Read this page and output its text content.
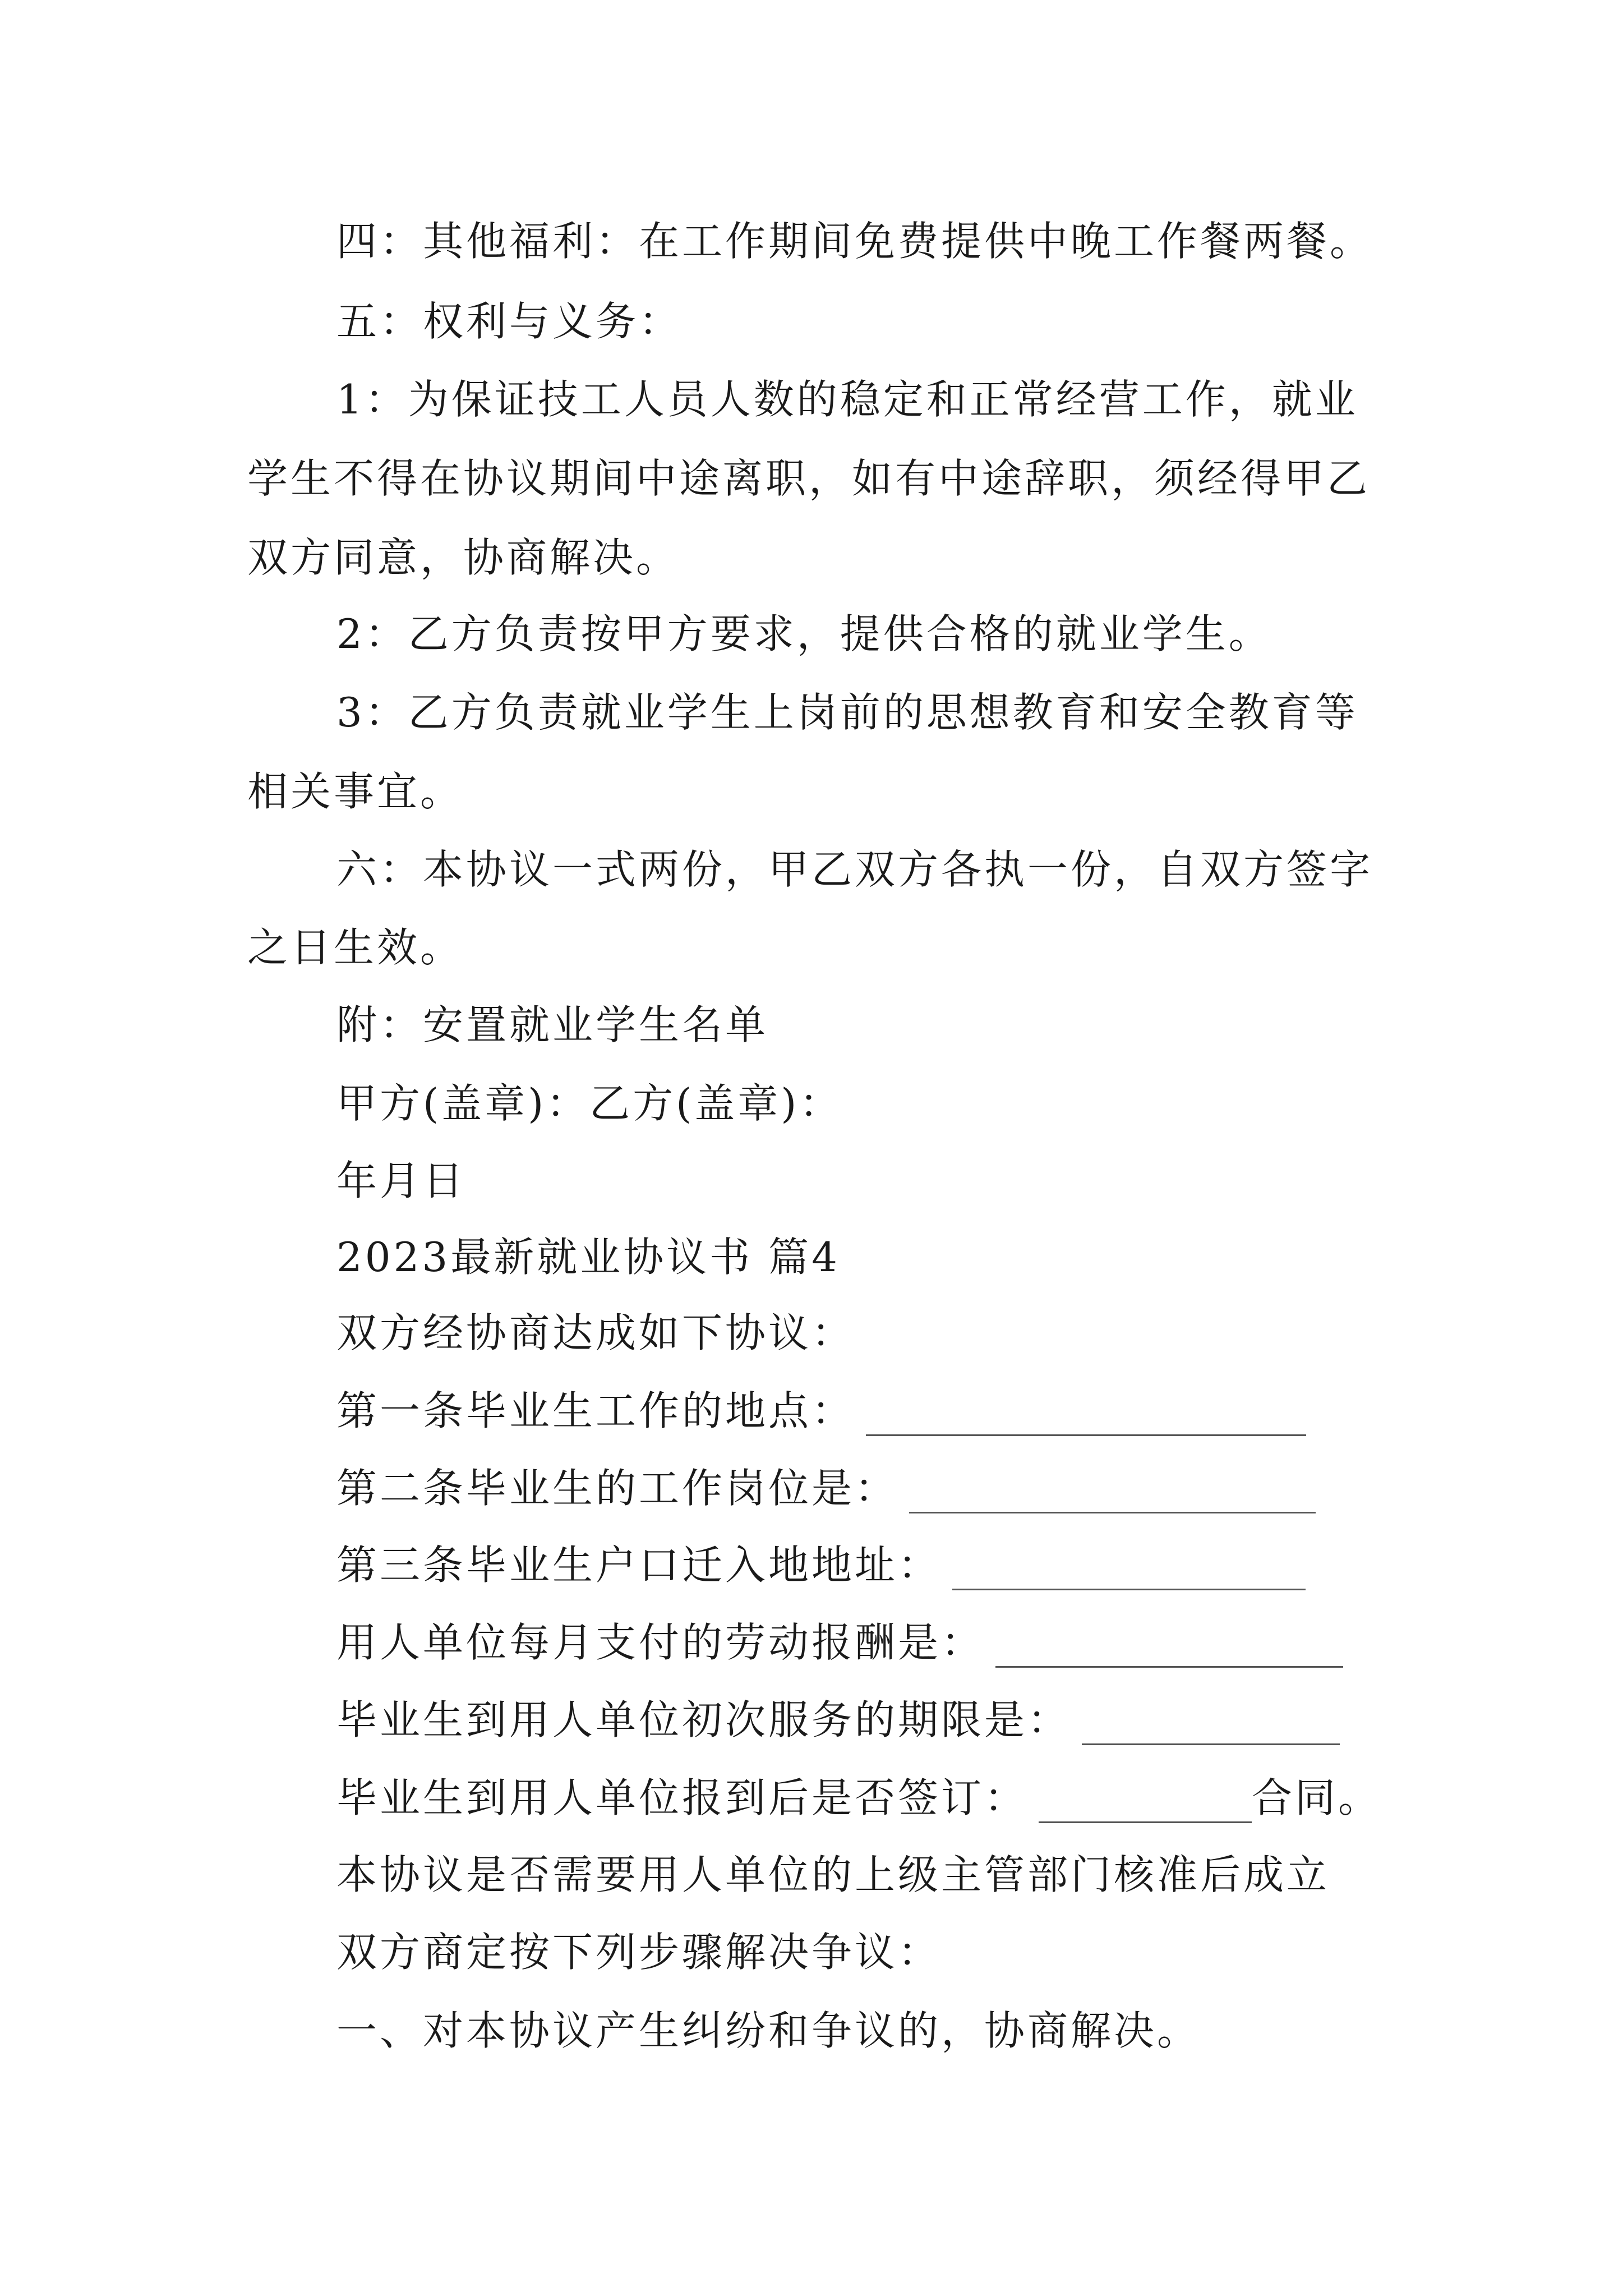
四：其他福利：在工作期间免费提供中晚工作餐两餐。
五：权利与义务：
1：为保证技工人员人数的稳定和正常经营工作，就业
学生不得在协议期间中途离职，如有中途辞职，须经得甲乙
双方同意，协商解决。
2：乙方负责按甲方要求，提供合格的就业学生。
3：乙方负责就业学生上岗前的思想教育和安全教育等
相关事宜。
六：本协议一式两份，甲乙双方各执一份，自双方签字
之日生效。
附：安置就业学生名单
甲方(盖章)：乙方(盖章)：
年月日
2023最新就业协议书 篇4
双方经协商达成如下协议：
第一条毕业生工作的地点：
第二条毕业生的工作岗位是：
第三条毕业生户口迁入地地址：
用人单位每月支付的劳动报酬是：
毕业生到用人单位初次服务的期限是：
毕业生到用人单位报到后是否签订：	合同。
本协议是否需要用人单位的上级主管部门核准后成立
双方商定按下列步骤解决争议：
一、对本协议产生纠纷和争议的，协商解决。
